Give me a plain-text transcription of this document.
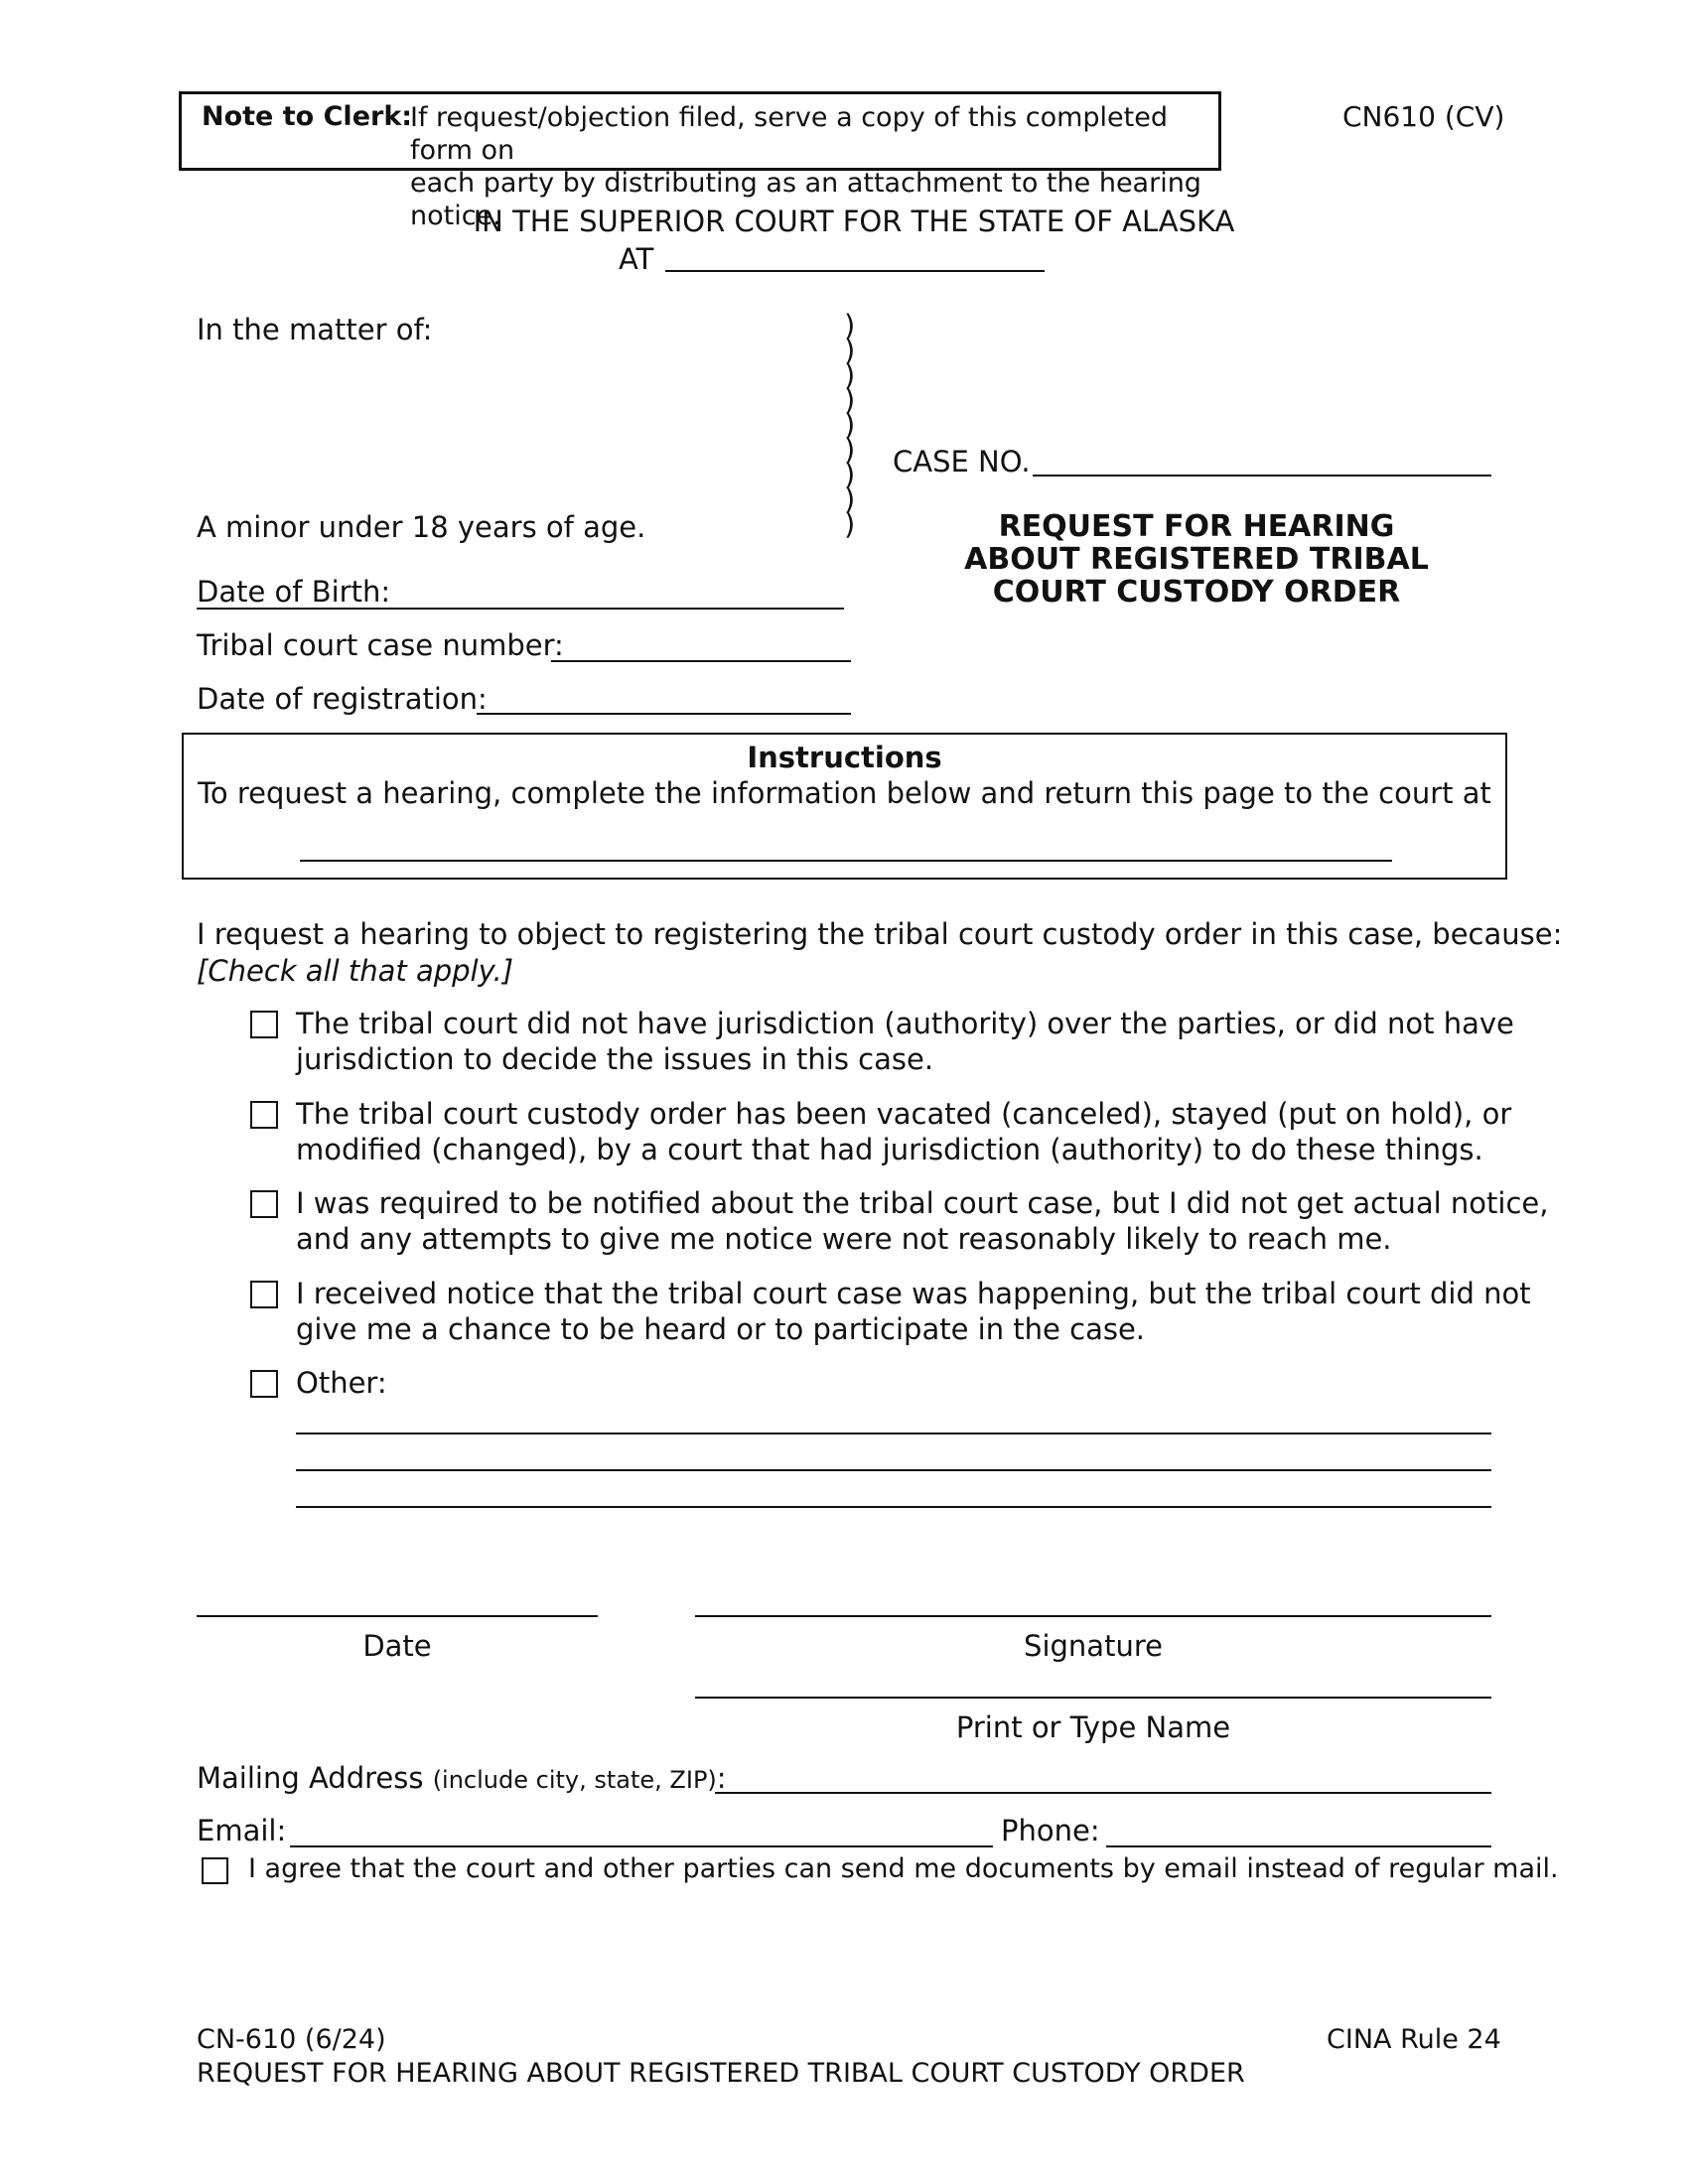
Note to Clerk:
If request/objection filed, serve a copy of this completed form on
each party by distributing as an attachment to the hearing notice.
CN610 (CV)
IN THE SUPERIOR COURT FOR THE STATE OF ALASKA
AT
In the matter of:
A minor under 18 years of age.
Date of Birth:
)
)
)
)
)
)
)
)
)
CASE NO.
REQUEST FOR HEARING
ABOUT REGISTERED TRIBAL
COURT CUSTODY ORDER
Tribal court case number:
Date of registration:
Instructions
To request a hearing, complete the information below and return this page to the court at
I request a hearing to object to registering the tribal court custody order in this case, because:
[Check all that apply.]
The tribal court did not have jurisdiction (authority) over the parties, or did not have
jurisdiction to decide the issues in this case.
The tribal court custody order has been vacated (canceled), stayed (put on hold), or
modified (changed), by a court that had jurisdiction (authority) to do these things.
I was required to be notified about the tribal court case, but I did not get actual notice,
and any attempts to give me notice were not reasonably likely to reach me.
I received notice that the tribal court case was happening, but the tribal court did not
give me a chance to be heard or to participate in the case.
Other:
Date	Signature
Print or Type Name
Mailing Address (include city, state, ZIP):
Email:	Phone:
I agree that the court and other parties can send me documents by email instead of regular mail.
CN-610 (6/24)	CINA Rule 24
REQUEST FOR HEARING ABOUT REGISTERED TRIBAL COURT CUSTODY ORDER
